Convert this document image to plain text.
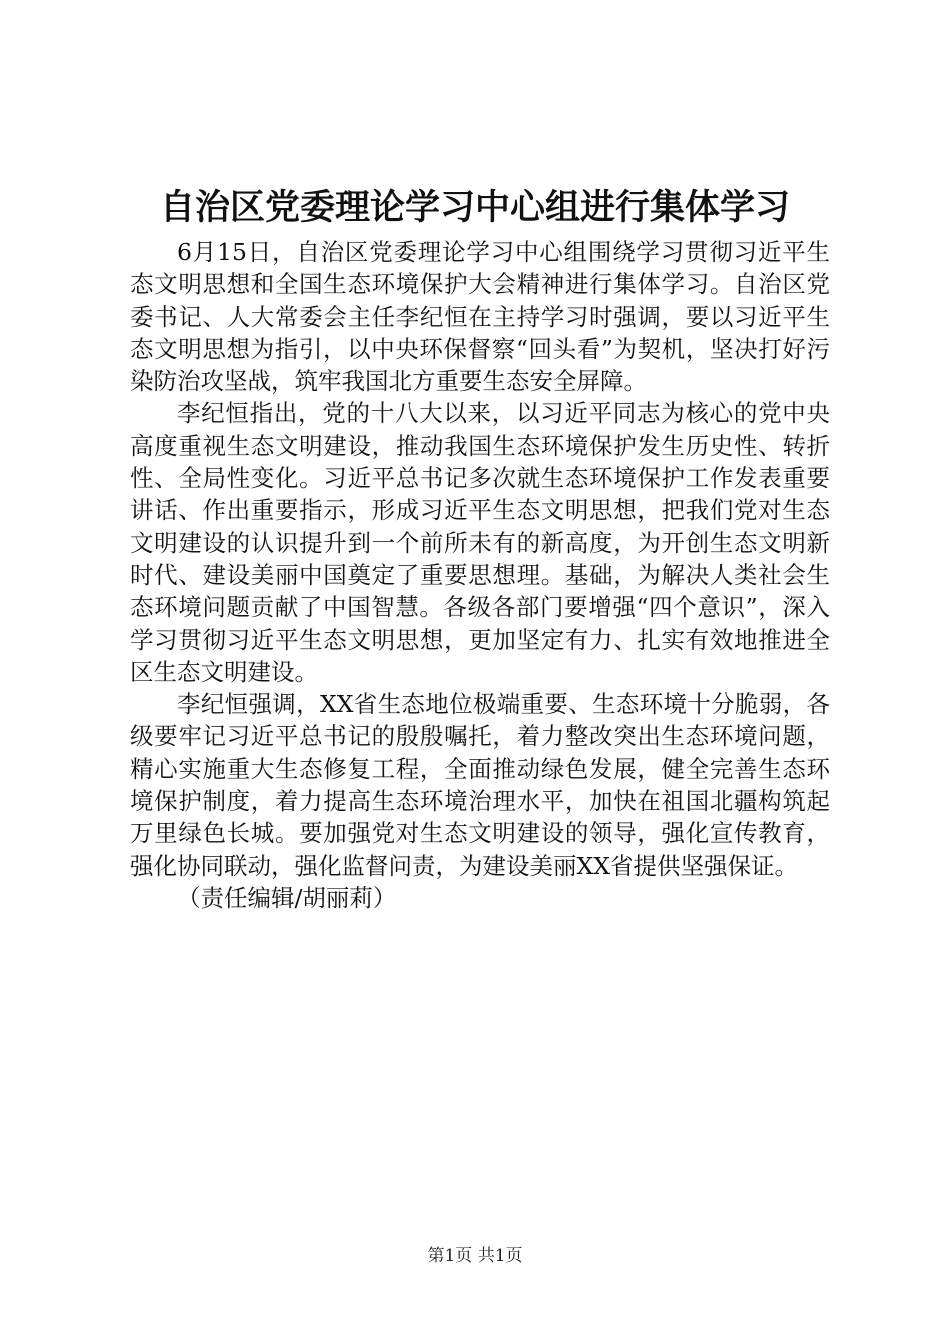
自治区党委理论学习中心组进行集体学习

6月15日，自治区党委理论学习中心组围绕学习贯彻习近平生态文明思想和全国生态环境保护大会精神进行集体学习。自治区党委书记、人大常委会主任李纪恒在主持学习时强调，要以习近平生态文明思想为指引，以中央环保督察“回头看”为契机，坚决打好污染防治攻坚战，筑牢我国北方重要生态安全屏障。

李纪恒指出，党的十八大以来，以习近平同志为核心的党中央高度重视生态文明建设，推动我国生态环境保护发生历史性、转折性、全局性变化。习近平总书记多次就生态环境保护工作发表重要讲话、作出重要指示，形成习近平生态文明思想，把我们党对生态文明建设的认识提升到一个前所未有的新高度，为开创生态文明新时代、建设美丽中国奠定了重要思想理。基础，为解决人类社会生态环境问题贡献了中国智慧。各级各部门要增强“四个意识”，深入学习贯彻习近平生态文明思想，更加坚定有力、扎实有效地推进全区生态文明建设。

李纪恒强调，XX省生态地位极端重要、生态环境十分脆弱，各级要牢记习近平总书记的殷殷嘱托，着力整改突出生态环境问题，精心实施重大生态修复工程，全面推动绿色发展，健全完善生态环境保护制度，着力提高生态环境治理水平，加快在祖国北疆构筑起万里绿色长城。要加强党对生态文明建设的领导，强化宣传教育，强化协同联动，强化监督问责，为建设美丽XX省提供坚强保证。

（责任编辑/胡丽莉）

第1页 共1页
